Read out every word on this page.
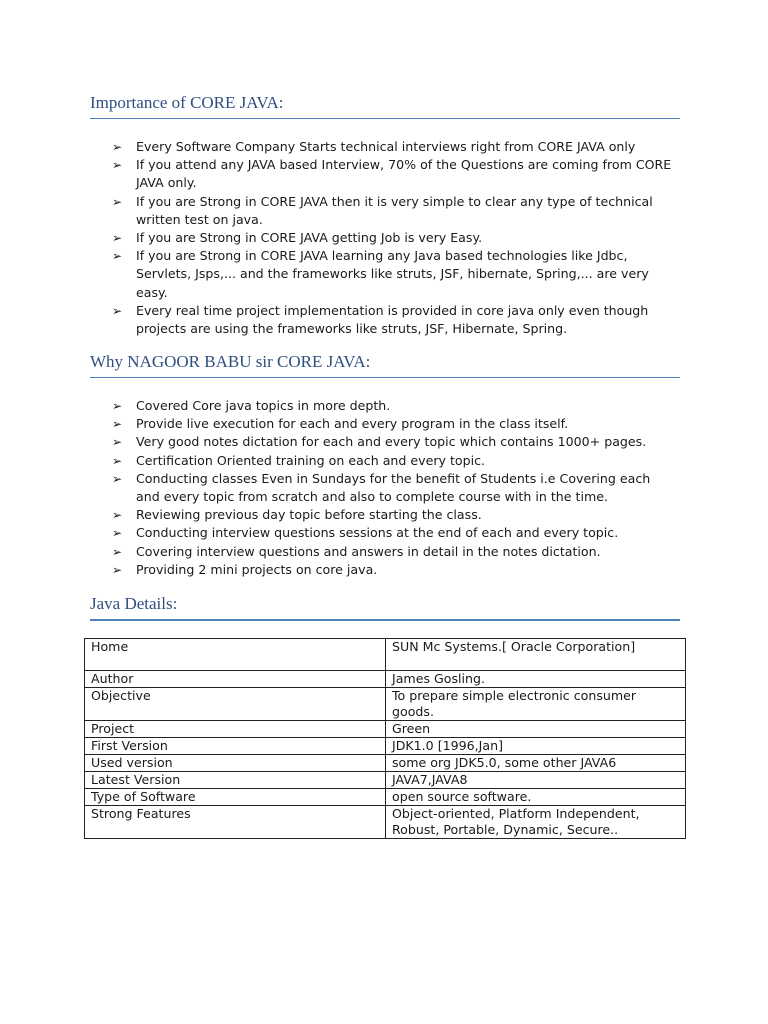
Importance of CORE JAVA:
➢ Every Software Company Starts technical interviews right from CORE JAVA only
➢ If you attend any JAVA based Interview, 70% of the Questions are coming from CORE JAVA only.
➢ If you are Strong in CORE JAVA then it is very simple to clear any type of technical written test on java.
➢ If you are Strong in CORE JAVA getting Job is very Easy.
➢ If you are Strong in CORE JAVA learning any Java based technologies like Jdbc, Servlets, Jsps,... and the frameworks like struts, JSF, hibernate, Spring,... are very easy.
➢ Every real time project implementation is provided in core java only even though projects are using the frameworks like struts, JSF, Hibernate, Spring.
Why NAGOOR BABU sir CORE JAVA:
➢ Covered Core java topics in more depth.
➢ Provide live execution for each and every program in the class itself.
➢ Very good notes dictation for each and every topic which contains 1000+ pages.
➢ Certification Oriented training on each and every topic.
➢ Conducting classes Even in Sundays for the benefit of Students i.e Covering each and every topic from scratch and also to complete course with in the time.
➢ Reviewing previous day topic before starting the class.
➢ Conducting interview questions sessions at the end of each and every topic.
➢ Covering interview questions and answers in detail in the notes dictation.
➢ Providing 2 mini projects on core java.
Java Details:
Home	SUN Mc Systems.[ Oracle Corporation]
Author	James Gosling.
Objective	To prepare simple electronic consumer goods.
Project	Green
First Version	JDK1.0 [1996,Jan]
Used version	some org JDK5.0, some other JAVA6
Latest Version	JAVA7,JAVA8
Type of Software	open source software.
Strong Features	Object-oriented, Platform Independent, Robust, Portable, Dynamic, Secure..
